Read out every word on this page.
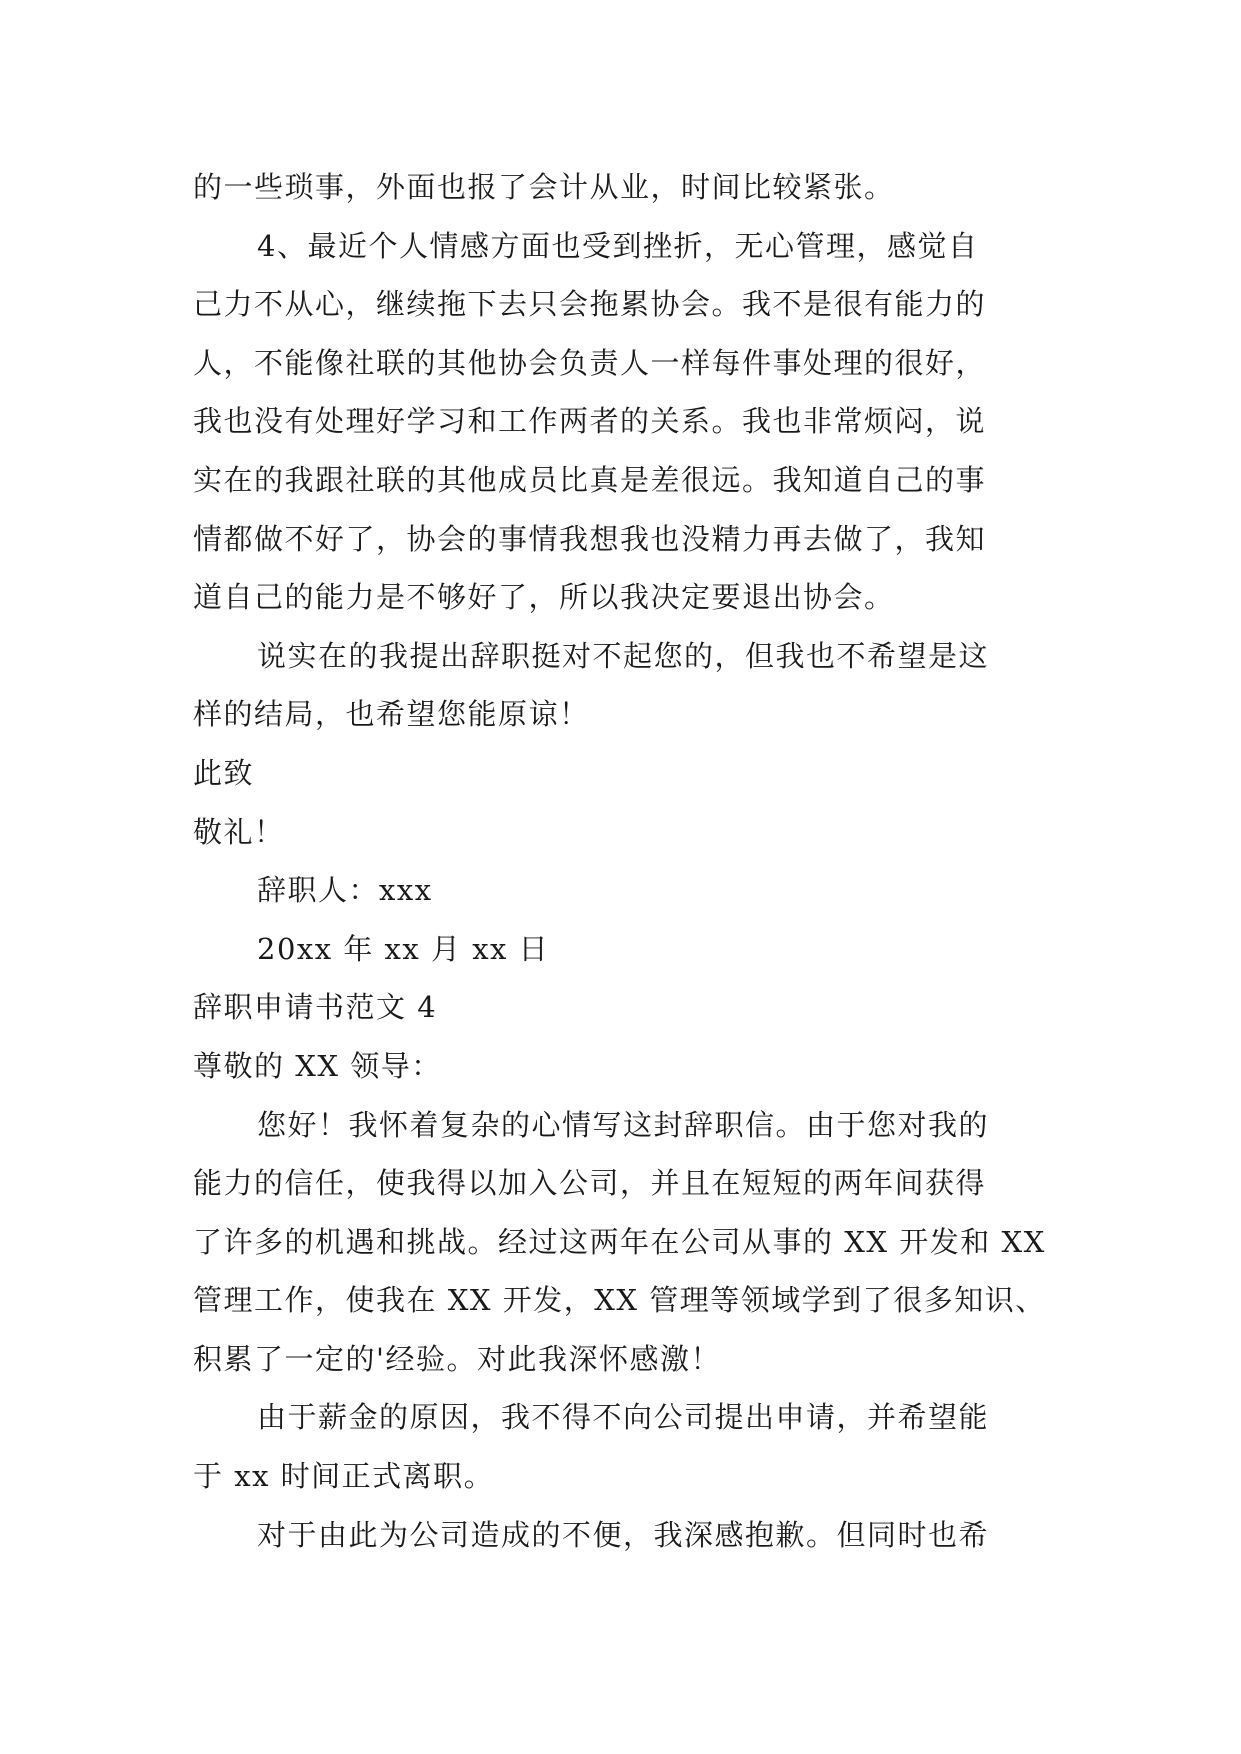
的一些琐事，外面也报了会计从业，时间比较紧张。
4、最近个人情感方面也受到挫折，无心管理，感觉自
己力不从心，继续拖下去只会拖累协会。我不是很有能力的
人，不能像社联的其他协会负责人一样每件事处理的很好，
我也没有处理好学习和工作两者的关系。我也非常烦闷，说
实在的我跟社联的其他成员比真是差很远。我知道自己的事
情都做不好了，协会的事情我想我也没精力再去做了，我知
道自己的能力是不够好了，所以我决定要退出协会。
说实在的我提出辞职挺对不起您的，但我也不希望是这
样的结局，也希望您能原谅！
此致
敬礼！
辞职人：xxx
20xx 年 xx 月 xx 日
辞职申请书范文 4
尊敬的 XX 领导：
您好！我怀着复杂的心情写这封辞职信。由于您对我的
能力的信任，使我得以加入公司，并且在短短的两年间获得
了许多的机遇和挑战。经过这两年在公司从事的 XX 开发和 XX
管理工作，使我在 XX 开发，XX 管理等领域学到了很多知识、
积累了一定的'经验。对此我深怀感激！
由于薪金的原因，我不得不向公司提出申请，并希望能
于 xx 时间正式离职。
对于由此为公司造成的不便，我深感抱歉。但同时也希
